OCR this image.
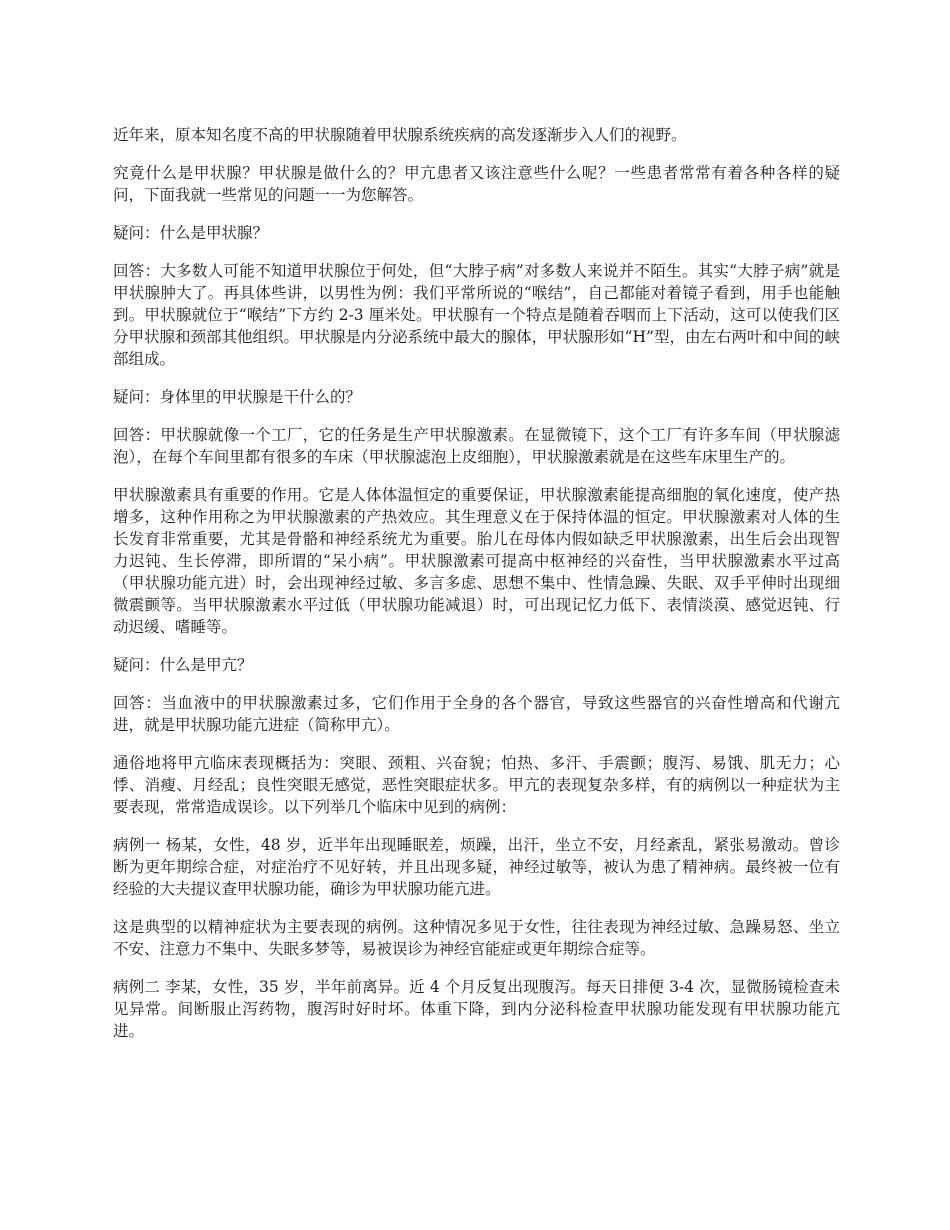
近年来，原本知名度不高的甲状腺随着甲状腺系统疾病的高发逐渐步入人们的视野。

究竟什么是甲状腺？甲状腺是做什么的？甲亢患者又该注意些什么呢？一些患者常常有着各种各样的疑问，下面我就一些常见的问题一一为您解答。

疑问：什么是甲状腺？

回答：大多数人可能不知道甲状腺位于何处，但“大脖子病”对多数人来说并不陌生。其实“大脖子病”就是甲状腺肿大了。再具体些讲，以男性为例：我们平常所说的“喉结”，自己都能对着镜子看到，用手也能触到。甲状腺就位于“喉结”下方约 2-3 厘米处。甲状腺有一个特点是随着吞咽而上下活动，这可以使我们区分甲状腺和颈部其他组织。甲状腺是内分泌系统中最大的腺体，甲状腺形如“H”型，由左右两叶和中间的峡部组成。

疑问：身体里的甲状腺是干什么的？

回答：甲状腺就像一个工厂，它的任务是生产甲状腺激素。在显微镜下，这个工厂有许多车间（甲状腺滤泡），在每个车间里都有很多的车床（甲状腺滤泡上皮细胞），甲状腺激素就是在这些车床里生产的。

甲状腺激素具有重要的作用。它是人体体温恒定的重要保证，甲状腺激素能提高细胞的氧化速度，使产热增多，这种作用称之为甲状腺激素的产热效应。其生理意义在于保持体温的恒定。甲状腺激素对人体的生长发育非常重要，尤其是骨骼和神经系统尤为重要。胎儿在母体内假如缺乏甲状腺激素，出生后会出现智力迟钝、生长停滞，即所谓的“呆小病”。甲状腺激素可提高中枢神经的兴奋性，当甲状腺激素水平过高（甲状腺功能亢进）时，会出现神经过敏、多言多虑、思想不集中、性情急躁、失眠、双手平伸时出现细微震颤等。当甲状腺激素水平过低（甲状腺功能减退）时，可出现记忆力低下、表情淡漠、感觉迟钝、行动迟缓、嗜睡等。

疑问：什么是甲亢？

回答：当血液中的甲状腺激素过多，它们作用于全身的各个器官，导致这些器官的兴奋性增高和代谢亢进，就是甲状腺功能亢进症（简称甲亢）。

通俗地将甲亢临床表现概括为：突眼、颈粗、兴奋貌；怕热、多汗、手震颤；腹泻、易饿、肌无力；心悸、消瘦、月经乱；良性突眼无感觉，恶性突眼症状多。甲亢的表现复杂多样，有的病例以一种症状为主要表现，常常造成误诊。以下列举几个临床中见到的病例：

病例一 杨某，女性，48 岁，近半年出现睡眠差，烦躁，出汗，坐立不安，月经紊乱，紧张易激动。曾诊断为更年期综合症，对症治疗不见好转，并且出现多疑，神经过敏等，被认为患了精神病。最终被一位有经验的大夫提议查甲状腺功能，确诊为甲状腺功能亢进。

这是典型的以精神症状为主要表现的病例。这种情况多见于女性，往往表现为神经过敏、急躁易怒、坐立不安、注意力不集中、失眠多梦等，易被误诊为神经官能症或更年期综合症等。

病例二 李某，女性，35 岁，半年前离异。近 4 个月反复出现腹泻。每天日排便 3-4 次，显微肠镜检查未见异常。间断服止泻药物，腹泻时好时坏。体重下降，到内分泌科检查甲状腺功能发现有甲状腺功能亢进。
